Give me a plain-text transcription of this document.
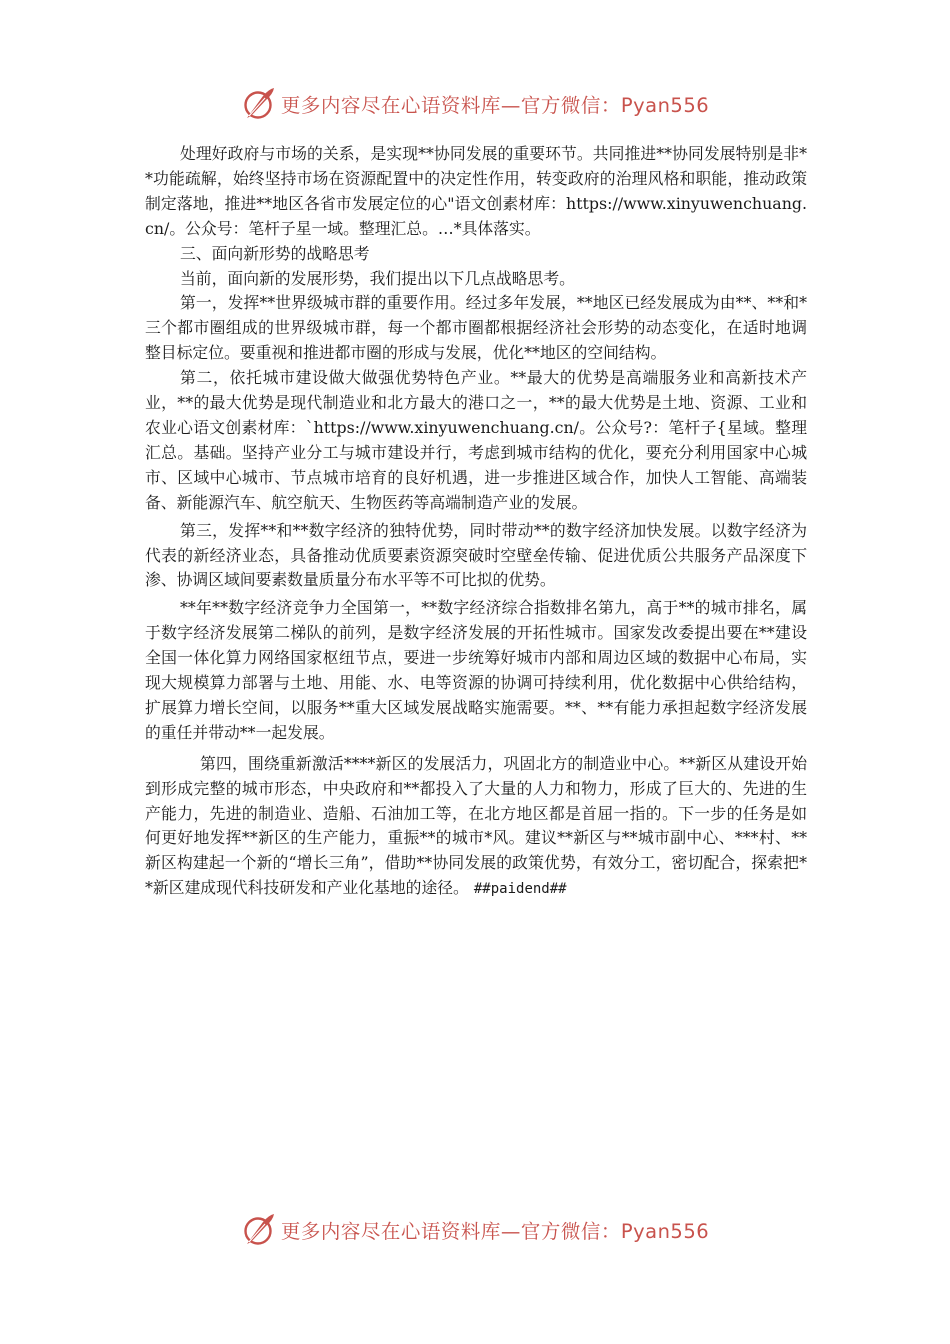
更多内容尽在心语资料库—官方微信：Pyan556

处理好政府与市场的关系，是实现**协同发展的重要环节。共同推进**协同发展特别是非**功能疏解，始终坚持市场在资源配置中的决定性作用，转变政府的治理风格和职能，推动政策制定落地，推进**地区各省市发展定位的心"语文创素材库：https://www.xinyuwenchuang.cn/。公众号：笔杆子星一域。整理汇总。…*具体落实。

三、面向新形势的战略思考

当前，面向新的发展形势，我们提出以下几点战略思考。

第一，发挥**世界级城市群的重要作用。经过多年发展，**地区已经发展成为由**、**和*三个都市圈组成的世界级城市群，每一个都市圈都根据经济社会形势的动态变化，在适时地调整目标定位。要重视和推进都市圈的形成与发展，优化**地区的空间结构。

第二，依托城市建设做大做强优势特色产业。**最大的优势是高端服务业和高新技术产业，**的最大优势是现代制造业和北方最大的港口之一，**的最大优势是土地、资源、工业和农业心语文创素材库：`https://www.xinyuwenchuang.cn/。公众号?：笔杆子{星域。整理汇总。基础。坚持产业分工与城市建设并行，考虑到城市结构的优化，要充分利用国家中心城市、区域中心城市、节点城市培育的良好机遇，进一步推进区域合作，加快人工智能、高端装备、新能源汽车、航空航天、生物医药等高端制造产业的发展。

第三，发挥**和**数字经济的独特优势，同时带动**的数字经济加快发展。以数字经济为代表的新经济业态，具备推动优质要素资源突破时空壁垒传输、促进优质公共服务产品深度下渗、协调区域间要素数量质量分布水平等不可比拟的优势。

**年**数字经济竞争力全国第一，**数字经济综合指数排名第九，高于**的城市排名，属于数字经济发展第二梯队的前列，是数字经济发展的开拓性城市。国家发改委提出要在**建设全国一体化算力网络国家枢纽节点，要进一步统筹好城市内部和周边区域的数据中心布局，实现大规模算力部署与土地、用能、水、电等资源的协调可持续利用，优化数据中心供给结构，扩展算力增长空间，以服务**重大区域发展战略实施需要。**、**有能力承担起数字经济发展的重任并带动**一起发展。

第四，围绕重新激活****新区的发展活力，巩固北方的制造业中心。**新区从建设开始到形成完整的城市形态，中央政府和**都投入了大量的人力和物力，形成了巨大的、先进的生产能力，先进的制造业、造船、石油加工等，在北方地区都是首屈一指的。下一步的任务是如何更好地发挥**新区的生产能力，重振**的城市*风。建议**新区与**城市副中心、***村、**新区构建起一个新的“增长三角”，借助**协同发展的政策优势，有效分工，密切配合，探索把**新区建成现代科技研发和产业化基地的途径。 ##paidend##

更多内容尽在心语资料库—官方微信：Pyan556
